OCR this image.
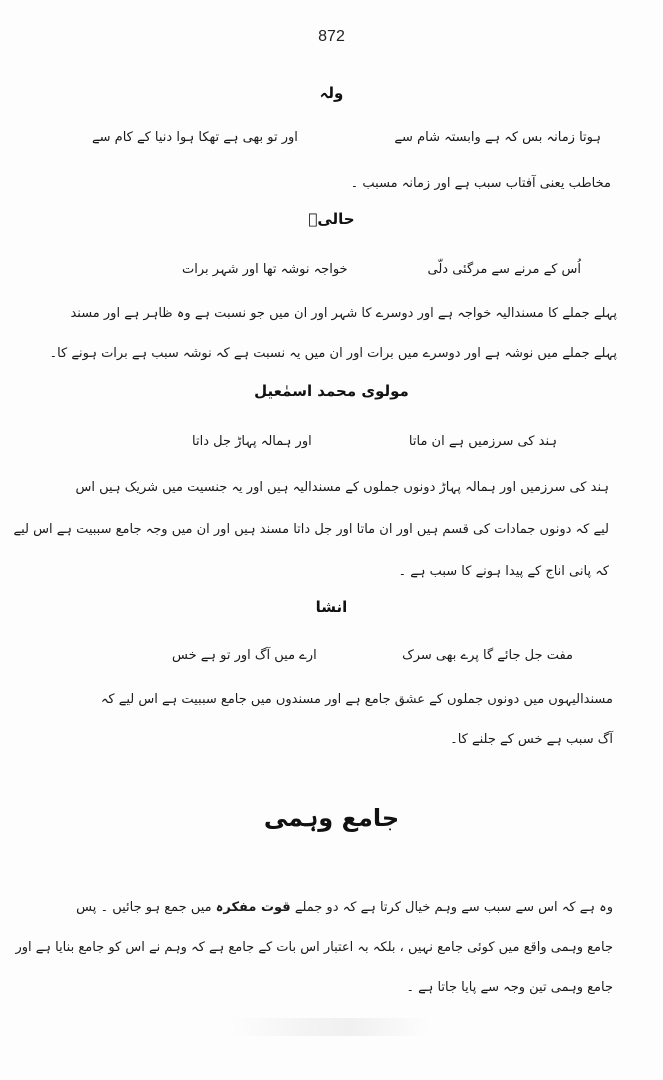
872
ولہ
ہوتا زمانہ بس کہ ہے وابستہ شام سے
اور تو بھی ہے تھکا ہوا دنیا کے کام سے
مخاطب یعنی آفتاب سبب ہے اور زمانہ مسبب ۔
حالیؔ
اُس کے مرنے سے مرگئی دلّی
خواجہ نوشہ تھا اور شہر برات
پہلے جملے کا مسندالیہ خواجہ ہے اور دوسرے کا شہر اور ان میں جو نسبت ہے وہ ظاہر ہے اور مسند
پہلے جملے میں نوشہ ہے اور دوسرے میں برات اور ان میں یہ نسبت ہے کہ نوشہ سبب ہے برات ہونے کا۔
مولوی محمد اسمٰعیل
ہند کی سرزمیں ہے ان ماتا
اور ہمالہ پہاڑ جل داتا
ہند کی سرزمیں اور ہمالہ پہاڑ دونوں جملوں کے مسندالیہ ہیں اور یہ جنسیت میں شریک ہیں اس
لیے کہ دونوں جمادات کی قسم ہیں اور ان ماتا اور جل داتا مسند ہیں اور ان میں وجہ جامع سببیت ہے اس لیے
کہ پانی اناج کے پیدا ہونے کا سبب ہے ۔
انشا
مفت جل جائے گا پرے بھی سرک
ارے میں آگ اور تو ہے خس
مسندالیہوں میں دونوں جملوں کے عشق جامع ہے اور مسندوں میں جامع سببیت ہے اس لیے کہ
آگ سبب ہے خس کے جلنے کا۔
جامع وہمی
وہ ہے کہ اس سے سبب سے وہم خیال کرتا ہے کہ دو جملے قوت مفکرہ میں جمع ہو جائیں ۔ پس
جامع وہمی واقع میں کوئی جامع نہیں ، بلکہ بہ اعتبار اس بات کے جامع ہے کہ وہم نے اس کو جامع بنایا ہے اور
جامع وہمی تین وجہ سے پایا جاتا ہے ۔
